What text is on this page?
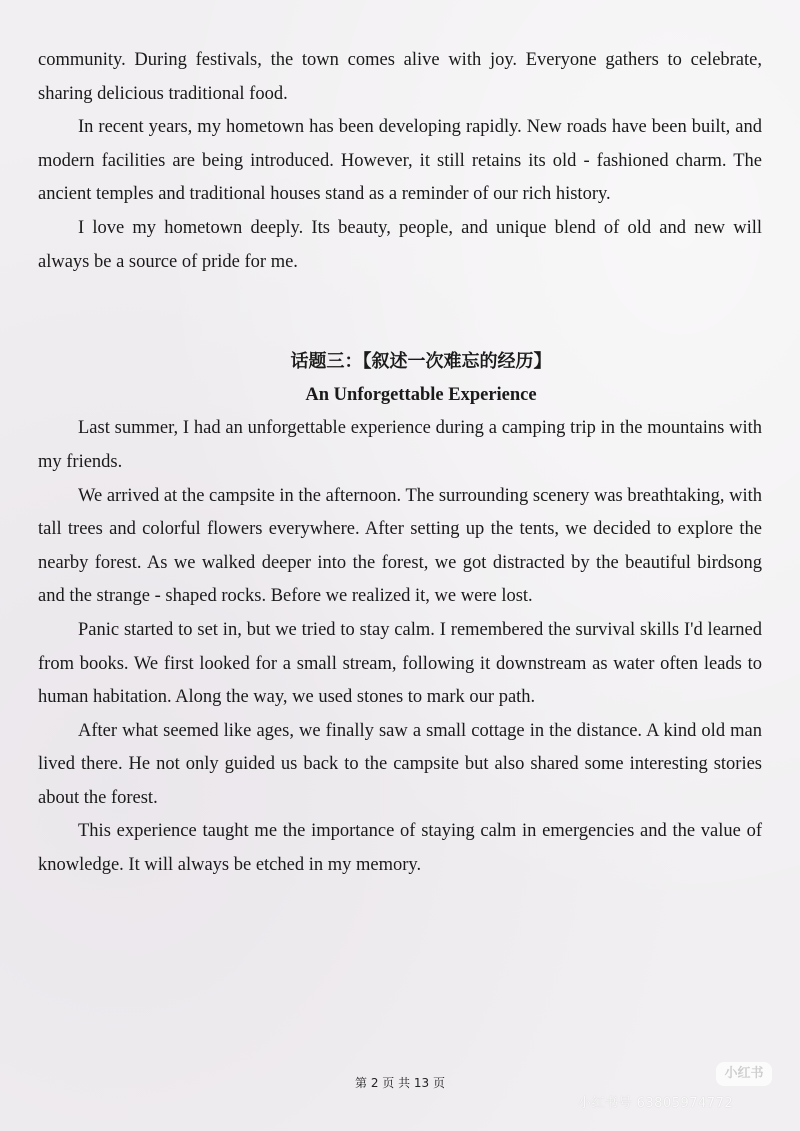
community. During festivals, the town comes alive with joy. Everyone gathers to celebrate, sharing delicious traditional food.

In recent years, my hometown has been developing rapidly. New roads have been built, and modern facilities are being introduced. However, it still retains its old - fashioned charm. The ancient temples and traditional houses stand as a reminder of our rich history.

I love my hometown deeply. Its beauty, people, and unique blend of old and new will always be a source of pride for me.

话题三：【叙述一次难忘的经历】
An Unforgettable Experience

Last summer, I had an unforgettable experience during a camping trip in the mountains with my friends.

We arrived at the campsite in the afternoon. The surrounding scenery was breathtaking, with tall trees and colorful flowers everywhere. After setting up the tents, we decided to explore the nearby forest. As we walked deeper into the forest, we got distracted by the beautiful birdsong and the strange - shaped rocks. Before we realized it, we were lost.

Panic started to set in, but we tried to stay calm. I remembered the survival skills I'd learned from books. We first looked for a small stream, following it downstream as water often leads to human habitation. Along the way, we used stones to mark our path.

After what seemed like ages, we finally saw a small cottage in the distance. A kind old man lived there. He not only guided us back to the campsite but also shared some interesting stories about the forest.

This experience taught me the importance of staying calm in emergencies and the value of knowledge. It will always be etched in my memory.

第 2 页 共 13 页
小红书
小红书号 63805974772
